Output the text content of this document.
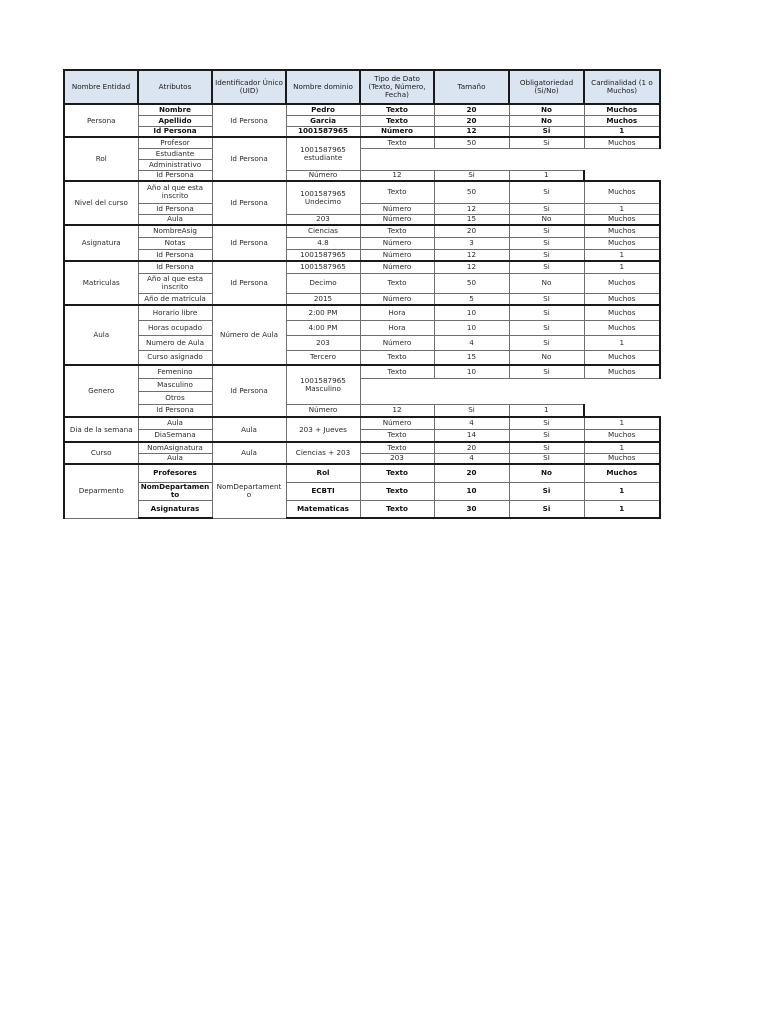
Nombre Entidad	Atributos	Identificador Único (UID)	Nombre dominio	Tipo de Dato (Texto, Número, Fecha)	Tamaño	Obligatoriedad (Si/No)	Cardinalidad (1 o Muchos)
Persona	Nombre	Id Persona	Pedro	Texto	20	No	Muchos
	Apellido		Garcia	Texto	20	No	Muchos
	Id Persona		1001587965	Número	12	Si	1
Rol	Profesor	Id Persona	1001587965 estudiante	Texto	50	Si	Muchos
	Estudiante						
	Administrativo						
	Id Persona		Número	12	Si	1	
Nivel del curso	Año al que esta inscrito	Id Persona	1001587965 Undecimo	Texto	50	Si	Muchos
	Id Persona			Número	12	Si	1
	Aula		203	Número	15	No	Muchos
Asignatura	NombreAsig	Id Persona	Ciencias	Texto	20	Si	Muchos
	Notas		4.8	Número	3	Si	Muchos
	Id Persona		1001587965	Número	12	Si	1
Matriculas	Id Persona	Id Persona	1001587965	Número	12	Si	1
	Año al que esta inscrito		Decimo	Texto	50	No	Muchos
	Año de matricula		2015	Número	5	SI	Muchos
Aula	Horario libre	Número de Aula	2:00 PM	Hora	10	Si	Muchos
	Horas ocupado		4:00 PM	Hora	10	Si	Muchos
	Numero de Aula		203	Número	4	Si	1
	Curso asignado		Tercero	Texto	15	No	Muchos
Genero	Femenino	Id Persona	1001587965 Masculino	Texto	10	Si	Muchos
	Masculino						
	Otros						
	Id Persona		Número	12	Si	1	
Dia de la semana	Aula	Aula	203 + Jueves	Número	4	Si	1
	DiaSemana			Texto	14	Si	Muchos
Curso	NomAsignatura	Aula	Ciencias + 203	Texto	20	Si	1
	Aula			203	4	SI	Muchos
Deparmento	Profesores	NomDepartamento	Rol	Texto	20	No	Muchos
	NomDepartamento		ECBTI	Texto	10	Si	1
	Asignaturas		Matematicas	Texto	30	Si	1
